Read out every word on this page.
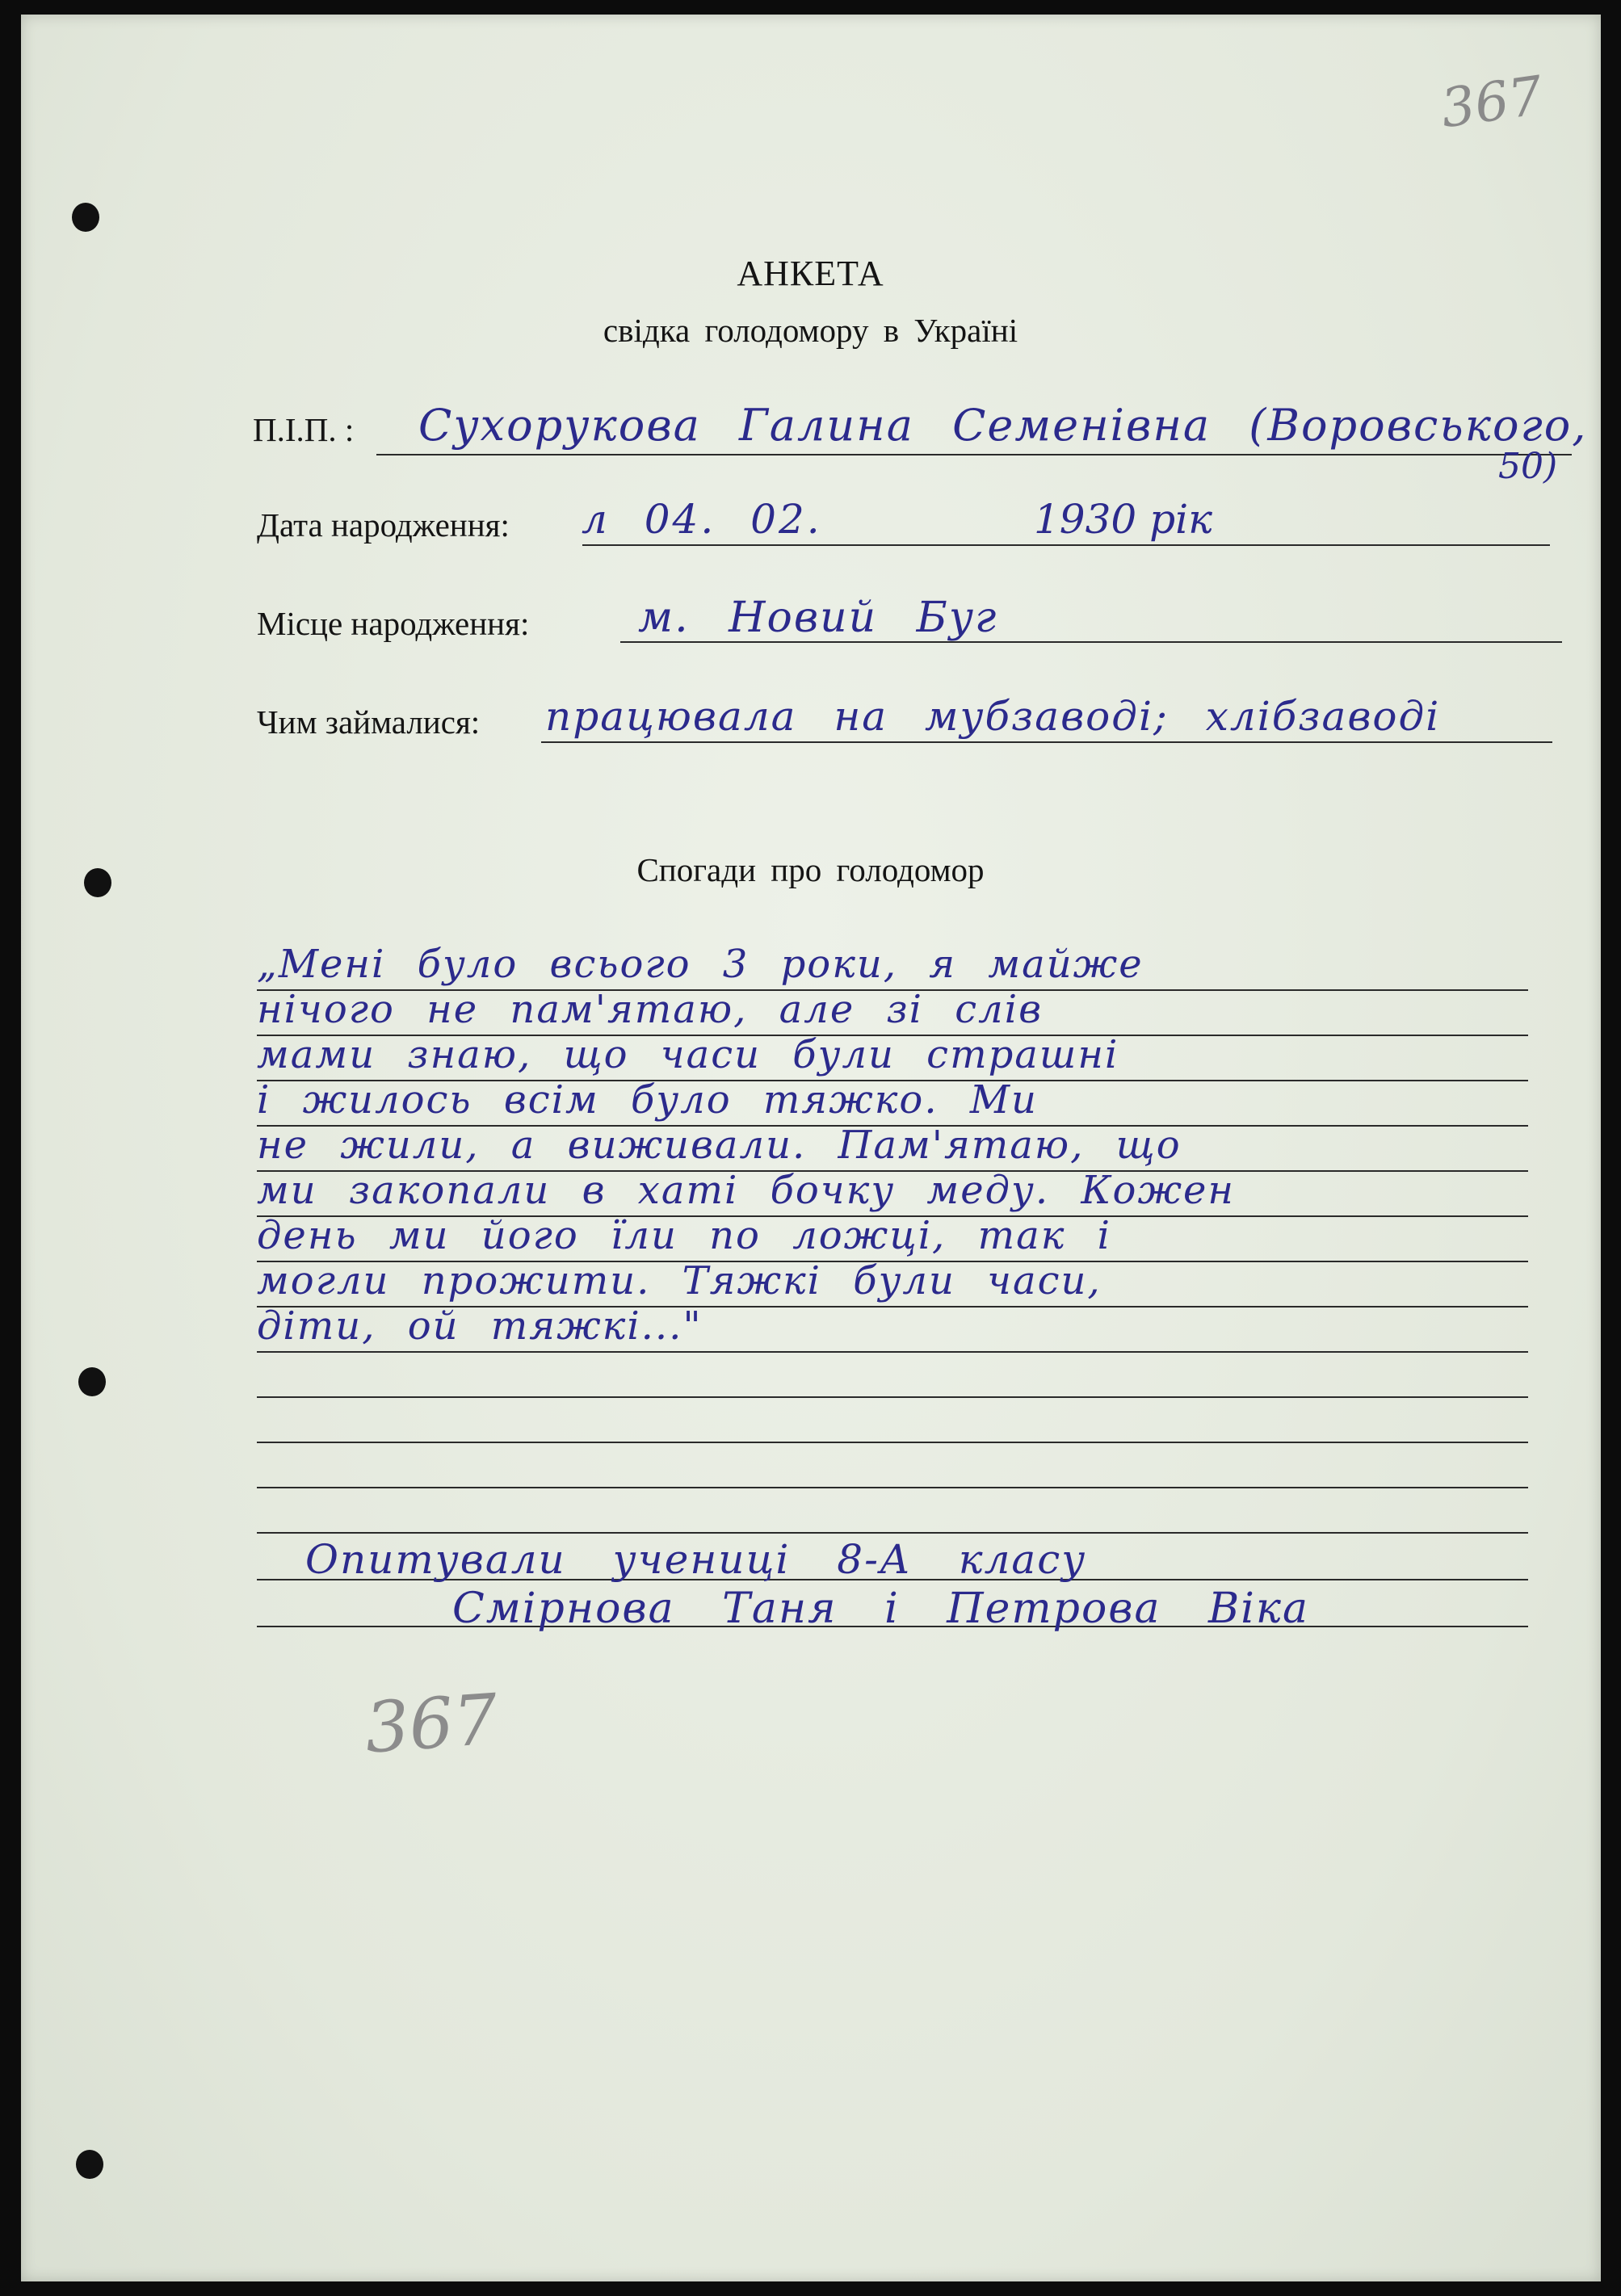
367
АНКЕТА
свідка голодомору в Україні
П.І.П. : Сухорукова Галина Семенівна (Воровського,
50)
Дата народження: л 04. 02.	1930 рік
Місце народження:	м. Новий Буг
Чим займалися: працювала на мубзаводі; хлібзаводі
Спогади про голодомор
„Мені було всього 3 роки, я майже
нічого не пам'ятаю, але зі слів
мами знаю, що часи були страшні
і жилось всім було тяжко. Ми
не жили, а виживали. Пам'ятаю, що
ми закопали в хаті бочку меду. Кожен
день ми його їли по ложці, так і
могли прожити. Тяжкі були часи,
діти, ой тяжкі..."
Опитували учениці 8-А класу
Смірнова Таня і Петрова Віка
367
